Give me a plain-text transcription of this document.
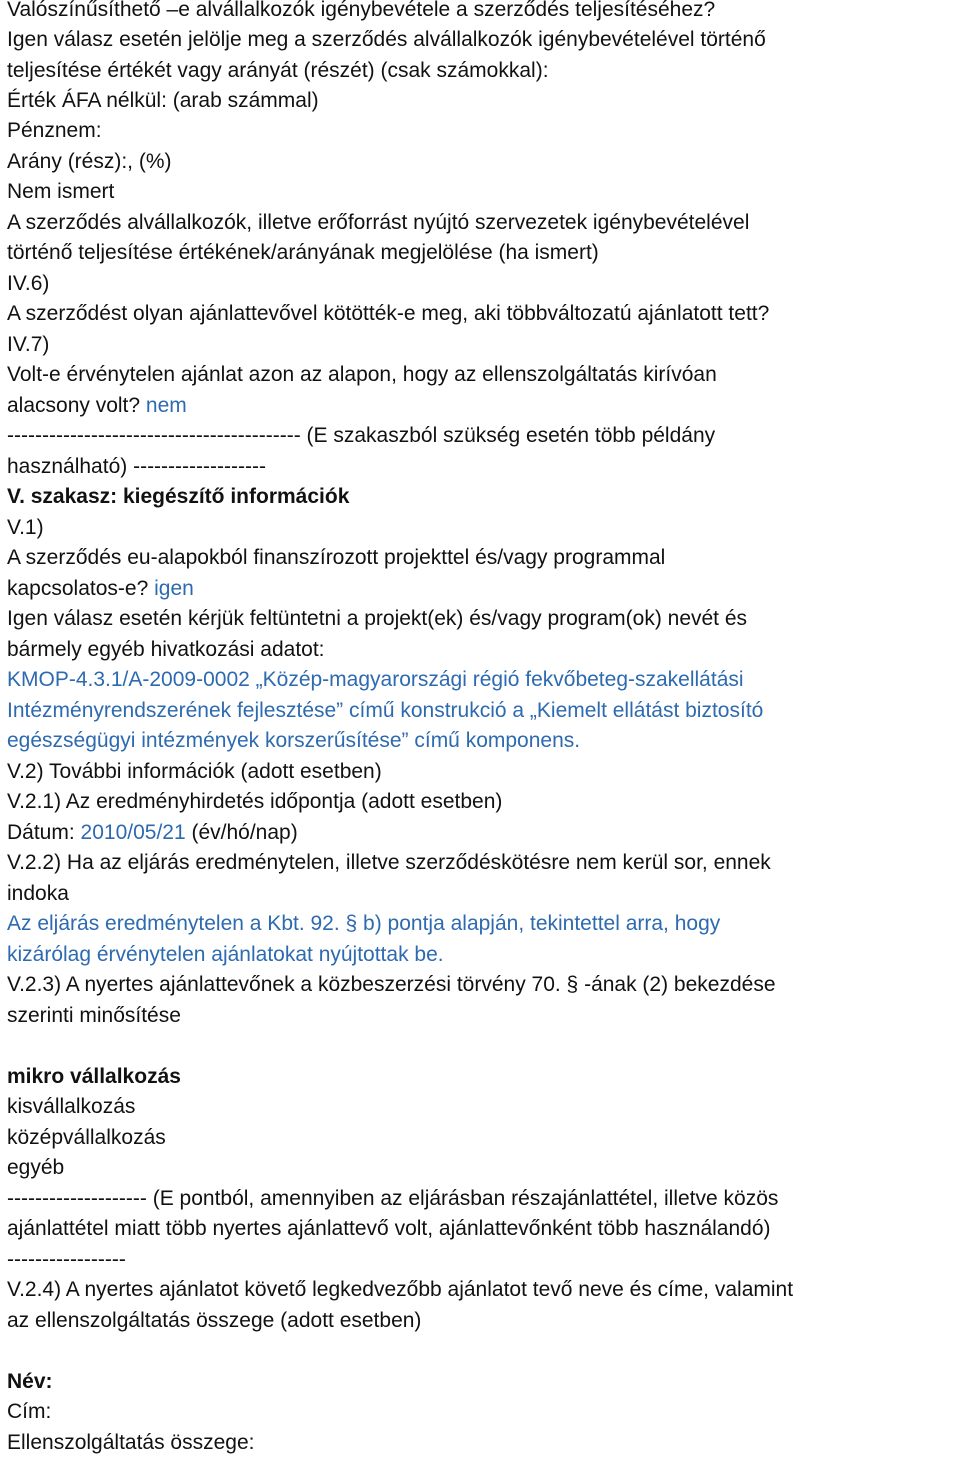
Valószínűsíthető –e alvállalkozók igénybevétele a szerződés teljesítéséhez?
Igen válasz esetén jelölje meg a szerződés alvállalkozók igénybevételével történő
teljesítése értékét vagy arányát (részét) (csak számokkal):
Érték ÁFA nélkül: (arab számmal)
Pénznem:
Arány (rész):, (%)
Nem ismert
A szerződés alvállalkozók, illetve erőforrást nyújtó szervezetek igénybevételével
történő teljesítése értékének/arányának megjelölése (ha ismert)
IV.6)
A szerződést olyan ajánlattevővel kötötték-e meg, aki többváltozatú ajánlatott tett?
IV.7)
Volt-e érvénytelen ajánlat azon az alapon, hogy az ellenszolgáltatás kirívóan
alacsony volt? nem
------------------------------------------ (E szakaszból szükség esetén több példány
használható) -------------------
V. szakasz: kiegészítő információk
V.1)
A szerződés eu-alapokból finanszírozott projekttel és/vagy programmal
kapcsolatos-e? igen
Igen válasz esetén kérjük feltüntetni a projekt(ek) és/vagy program(ok) nevét és
bármely egyéb hivatkozási adatot:
KMOP-4.3.1/A-2009-0002 „Közép-magyarországi régió fekvőbeteg-szakellátási
Intézményrendszerének fejlesztése” című konstrukció a „Kiemelt ellátást biztosító
egészségügyi intézmények korszerűsítése” című komponens.
V.2) További információk (adott esetben)
V.2.1) Az eredményhirdetés időpontja (adott esetben)
Dátum: 2010/05/21 (év/hó/nap)
V.2.2) Ha az eljárás eredménytelen, illetve szerződéskötésre nem kerül sor, ennek
indoka
Az eljárás eredménytelen a Kbt. 92. § b) pontja alapján, tekintettel arra, hogy
kizárólag érvénytelen ajánlatokat nyújtottak be.
V.2.3) A nyertes ajánlattevőnek a közbeszerzési törvény 70. § -ának (2) bekezdése
szerinti minősítése
mikro vállalkozás
kisvállalkozás
középvállalkozás
egyéb
-------------------- (E pontból, amennyiben az eljárásban részajánlattétel, illetve közös
ajánlattétel miatt több nyertes ajánlattevő volt, ajánlattevőnként több használandó)
-----------------
V.2.4) A nyertes ajánlatot követő legkedvezőbb ajánlatot tevő neve és címe, valamint
az ellenszolgáltatás összege (adott esetben)
Név:
Cím:
Ellenszolgáltatás összege:
